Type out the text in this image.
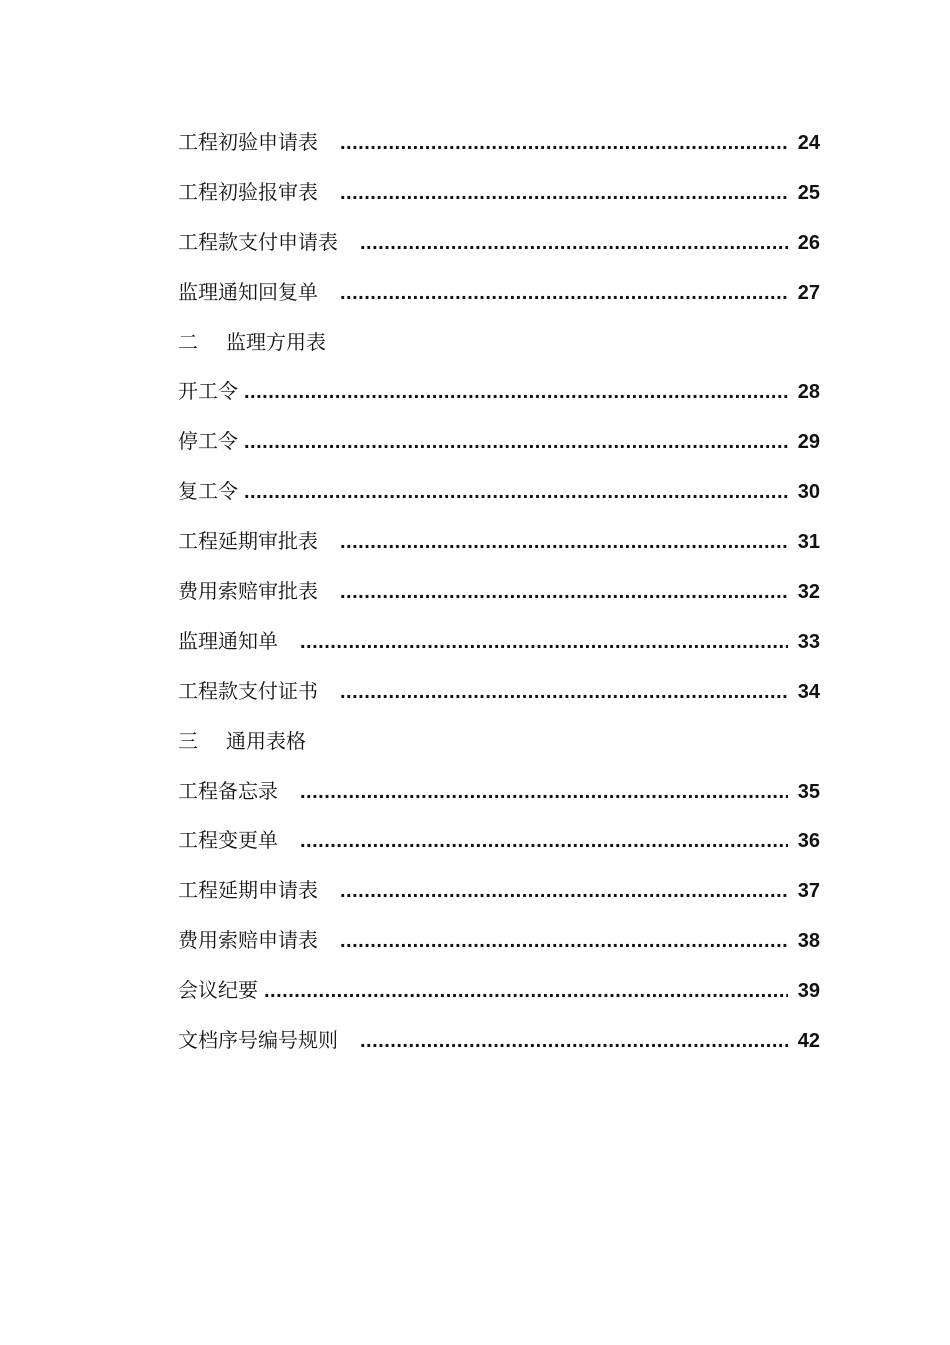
工程初验申请表 .....	24
工程初验报审表 .....	25
工程款支付申请表 .....	26
监理通知回复单 .....	27
二	监理方用表
开工令 .....	28
停工令 .....	29
复工令 .....	30
工程延期审批表 .....	31
费用索赔审批表 .....	32
监理通知单 .....	33
工程款支付证书 .....	34
三	通用表格
工程备忘录 .....	35
工程变更单 .....	36
工程延期申请表 .....	37
费用索赔申请表 .....	38
会议纪要 .....	39
文档序号编号规则 .....	42
